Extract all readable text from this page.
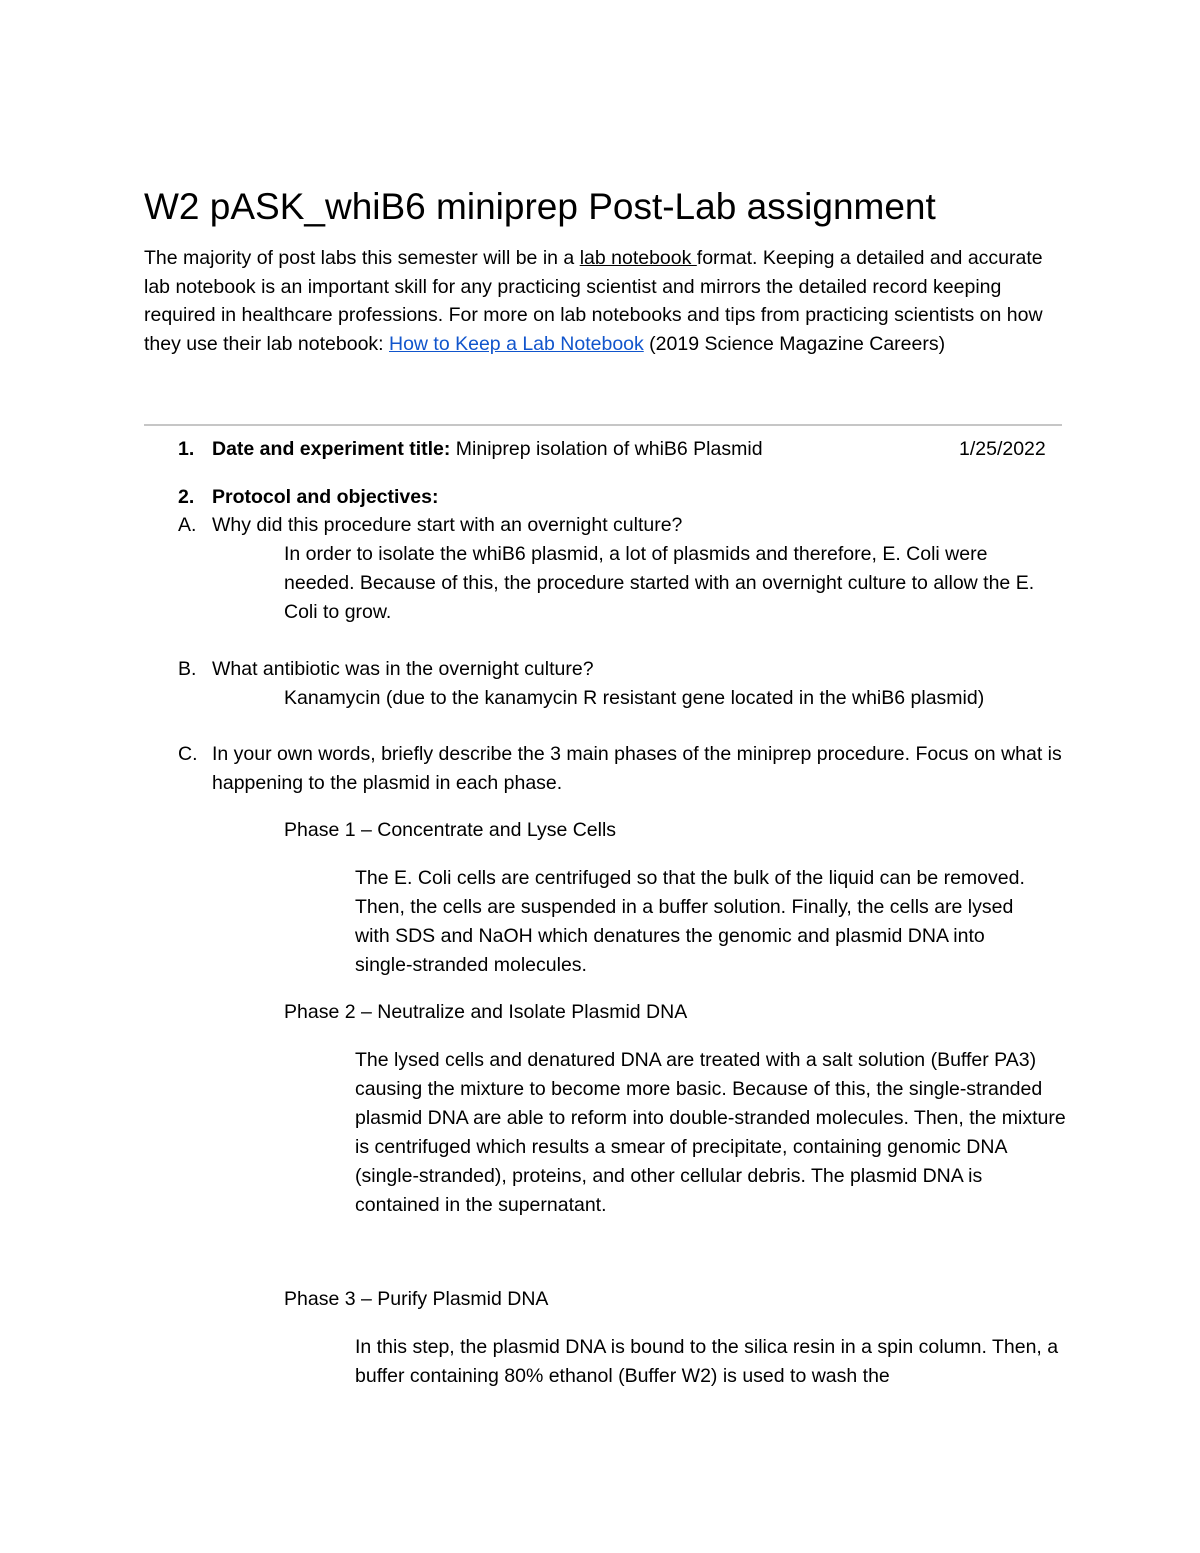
W2 pASK_whiB6 miniprep Post-Lab assignment
The majority of post labs this semester will be in a lab notebook format. Keeping a detailed and accurate lab notebook is an important skill for any practicing scientist and mirrors the detailed record keeping required in healthcare professions. For more on lab notebooks and tips from practicing scientists on how they use their lab notebook: How to Keep a Lab Notebook (2019 Science Magazine Careers)
1. Date and experiment title: Miniprep isolation of whiB6 Plasmid	1/25/2022
2. Protocol and objectives:
A. Why did this procedure start with an overnight culture?
In order to isolate the whiB6 plasmid, a lot of plasmids and therefore, E. Coli were needed. Because of this, the procedure started with an overnight culture to allow the E. Coli to grow.
B. What antibiotic was in the overnight culture?
Kanamycin (due to the kanamycin R resistant gene located in the whiB6 plasmid)
C. In your own words, briefly describe the 3 main phases of the miniprep procedure. Focus on what is happening to the plasmid in each phase.
Phase 1 – Concentrate and Lyse Cells
The E. Coli cells are centrifuged so that the bulk of the liquid can be removed. Then, the cells are suspended in a buffer solution. Finally, the cells are lysed with SDS and NaOH which denatures the genomic and plasmid DNA into single-stranded molecules.
Phase 2 – Neutralize and Isolate Plasmid DNA
The lysed cells and denatured DNA are treated with a salt solution (Buffer PA3) causing the mixture to become more basic. Because of this, the single-stranded plasmid DNA are able to reform into double-stranded molecules. Then, the mixture is centrifuged which results a smear of precipitate, containing genomic DNA (single-stranded), proteins, and other cellular debris. The plasmid DNA is contained in the supernatant.
Phase 3 – Purify Plasmid DNA
In this step, the plasmid DNA is bound to the silica resin in a spin column. Then, a buffer containing 80% ethanol (Buffer W2) is used to wash the
